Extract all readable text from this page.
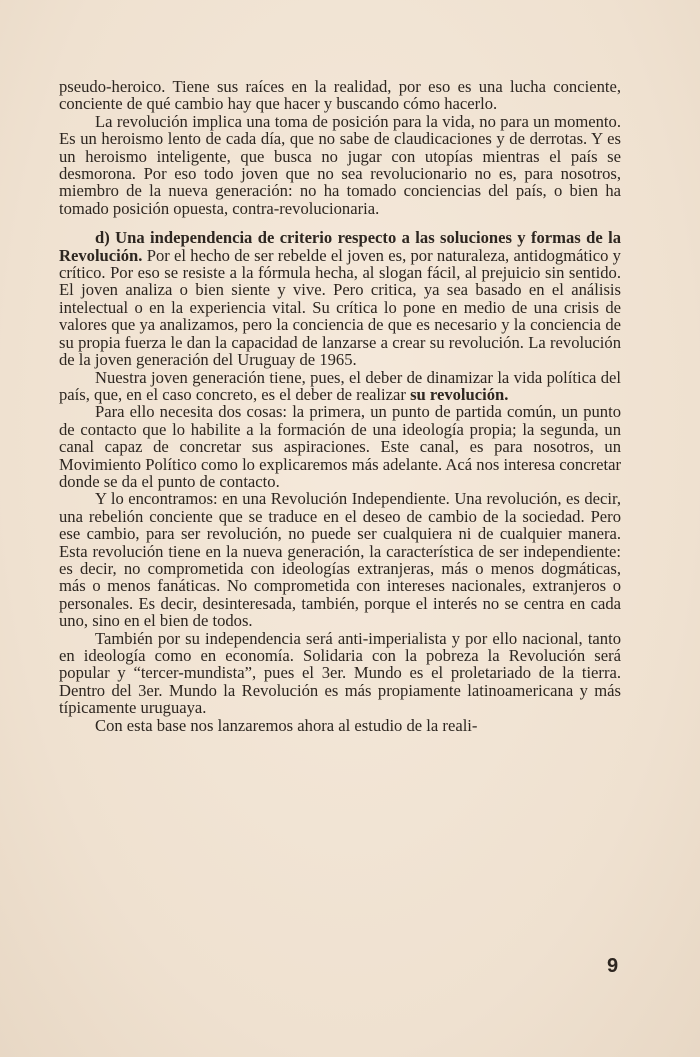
pseudo-heroico. Tiene sus raíces en la realidad, por eso es una lucha conciente, conciente de qué cambio hay que hacer y buscando cómo hacerlo.

La revolución implica una toma de posición para la vida, no para un momento. Es un heroismo lento de cada día, que no sabe de claudicaciones y de derrotas. Y es un heroismo inteligente, que busca no jugar con utopías mientras el país se desmorona. Por eso todo joven que no sea revolucionario no es, para nosotros, miembro de la nueva generación: no ha tomado conciencias del país, o bien ha tomado posición opuesta, contra-revolucionaria.

d) Una independencia de criterio respecto a las soluciones y formas de la Revolución. Por el hecho de ser rebelde el joven es, por naturaleza, antidogmático y crítico. Por eso se resiste a la fórmula hecha, al slogan fácil, al prejuicio sin sentido. El joven analiza o bien siente y vive. Pero critica, ya sea basado en el análisis intelectual o en la experiencia vital. Su crítica lo pone en medio de una crisis de valores que ya analizamos, pero la conciencia de que es necesario y la conciencia de su propia fuerza le dan la capacidad de lanzarse a crear su revolución. La revolución de la joven generación del Uruguay de 1965.

Nuestra joven generación tiene, pues, el deber de dinamizar la vida política del país, que, en el caso concreto, es el deber de realizar su revolución.

Para ello necesita dos cosas: la primera, un punto de partida común, un punto de contacto que lo habilite a la formación de una ideología propia; la segunda, un canal capaz de concretar sus aspiraciones. Este canal, es para nosotros, un Movimiento Político como lo explicaremos más adelante. Acá nos interesa concretar donde se da el punto de contacto.

Y lo encontramos: en una Revolución Independiente. Una revolución, es decir, una rebelión conciente que se traduce en el deseo de cambio de la sociedad. Pero ese cambio, para ser revolución, no puede ser cualquiera ni de cualquier manera. Esta revolución tiene en la nueva generación, la característica de ser independiente: es decir, no comprometida con ideologías extranjeras, más o menos dogmáticas, más o menos fanáticas. No comprometida con intereses nacionales, extranjeros o personales. Es decir, desinteresada, también, porque el interés no se centra en cada uno, sino en el bien de todos.

También por su independencia será anti-imperialista y por ello nacional, tanto en ideología como en economía. Solidaria con la pobreza la Revolución será popular y “tercer-mundista”, pues el 3er. Mundo es el proletariado de la tierra. Dentro del 3er. Mundo la Revolución es más propiamente latinoamericana y más típicamente uruguaya.

Con esta base nos lanzaremos ahora al estudio de la reali-

9
